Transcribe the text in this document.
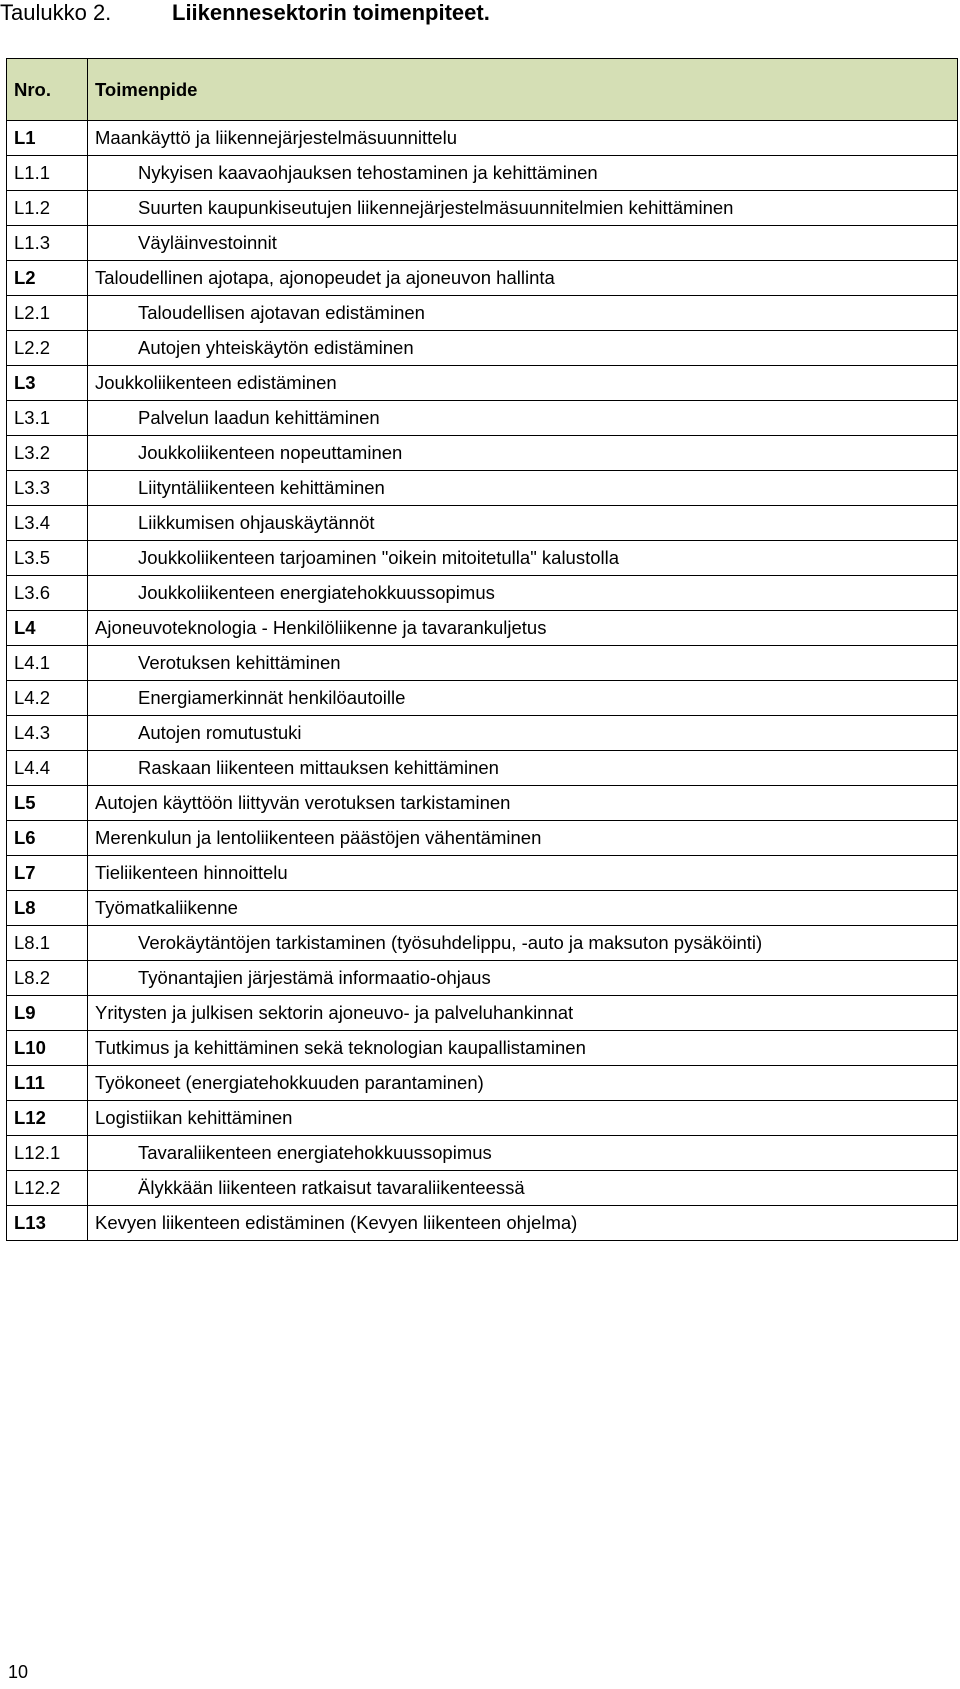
Taulukko 2.	Liikennesektorin toimenpiteet.
Nro.	Toimenpide
L1	Maankäyttö ja liikennejärjestelmäsuunnittelu
L1.1	Nykyisen kaavaohjauksen tehostaminen ja kehittäminen
L1.2	Suurten kaupunkiseutujen liikennejärjestelmäsuunnitelmien kehittäminen
L1.3	Väyläinvestoinnit
L2	Taloudellinen ajotapa, ajonopeudet ja ajoneuvon hallinta
L2.1	Taloudellisen ajotavan edistäminen
L2.2	Autojen yhteiskäytön edistäminen
L3	Joukkoliikenteen edistäminen
L3.1	Palvelun laadun kehittäminen
L3.2	Joukkoliikenteen nopeuttaminen
L3.3	Liityntäliikenteen kehittäminen
L3.4	Liikkumisen ohjauskäytännöt
L3.5	Joukkoliikenteen tarjoaminen "oikein mitoitetulla" kalustolla
L3.6	Joukkoliikenteen energiatehokkuussopimus
L4	Ajoneuvoteknologia - Henkilöliikenne ja tavarankuljetus
L4.1	Verotuksen kehittäminen
L4.2	Energiamerkinnät henkilöautoille
L4.3	Autojen romutustuki
L4.4	Raskaan liikenteen mittauksen kehittäminen
L5	Autojen käyttöön liittyvän verotuksen tarkistaminen
L6	Merenkulun ja lentoliikenteen päästöjen vähentäminen
L7	Tieliikenteen hinnoittelu
L8	Työmatkaliikenne
L8.1	Verokäytäntöjen tarkistaminen (työsuhdelippu, -auto ja maksuton pysäköinti)
L8.2	Työnantajien järjestämä informaatio-ohjaus
L9	Yritysten ja julkisen sektorin ajoneuvo- ja palveluhankinnat
L10	Tutkimus ja kehittäminen sekä teknologian kaupallistaminen
L11	Työkoneet (energiatehokkuuden parantaminen)
L12	Logistiikan kehittäminen
L12.1	Tavaraliikenteen energiatehokkuussopimus
L12.2	Älykkään liikenteen ratkaisut tavaraliikenteessä
L13	Kevyen liikenteen edistäminen (Kevyen liikenteen ohjelma)
10
